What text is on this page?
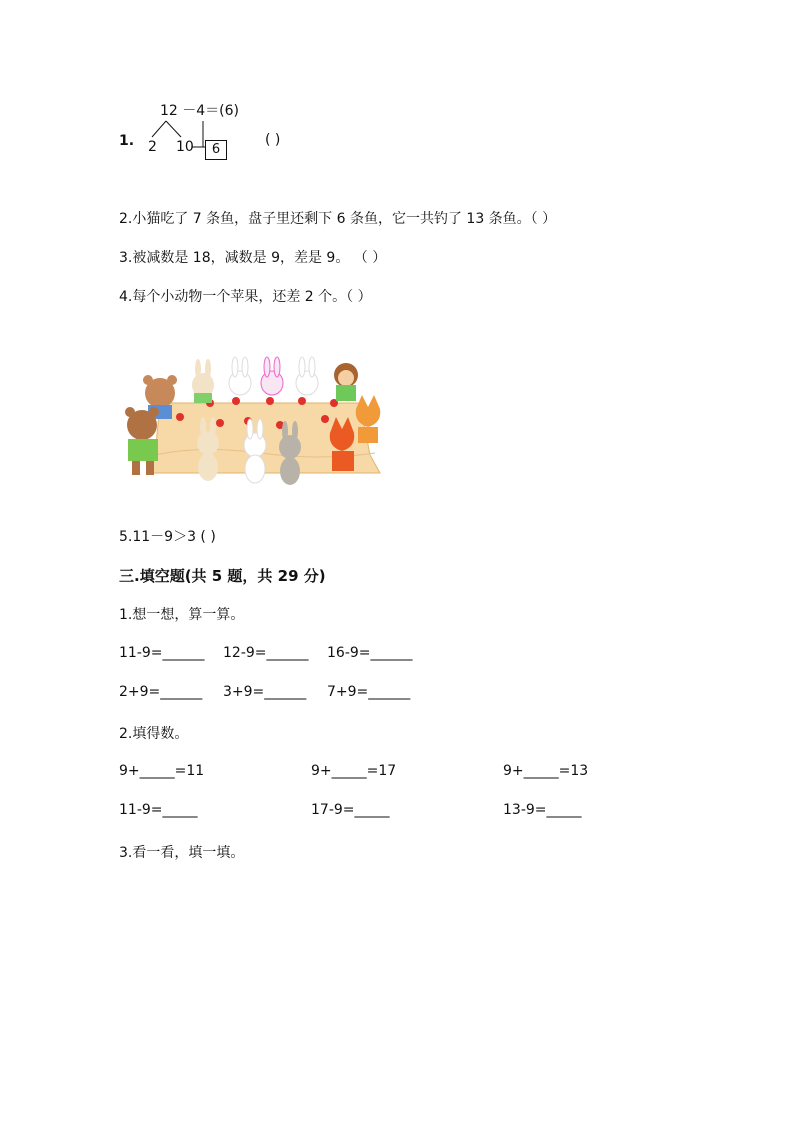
12 －4＝(6)
1. 2 10	6
( )
2.小猫吃了 7 条鱼，盘子里还剩下 6 条鱼，它一共钓了 13 条鱼。（ ）
3.被减数是 18，减数是 9，差是 9。 （ ）
4.每个小动物一个苹果，还差 2 个。（ ）
5.11－9＞3 ( )
三.填空题(共 5 题，共 29 分)
1.想一想，算一算。
11-9=______ 12-9=______ 16-9=______
2+9=______ 3+9=______ 7+9=______
2.填得数。
9+_____=11	9+_____=17	9+_____=13
11-9=_____	17-9=_____	13-9=_____
3.看一看，填一填。
